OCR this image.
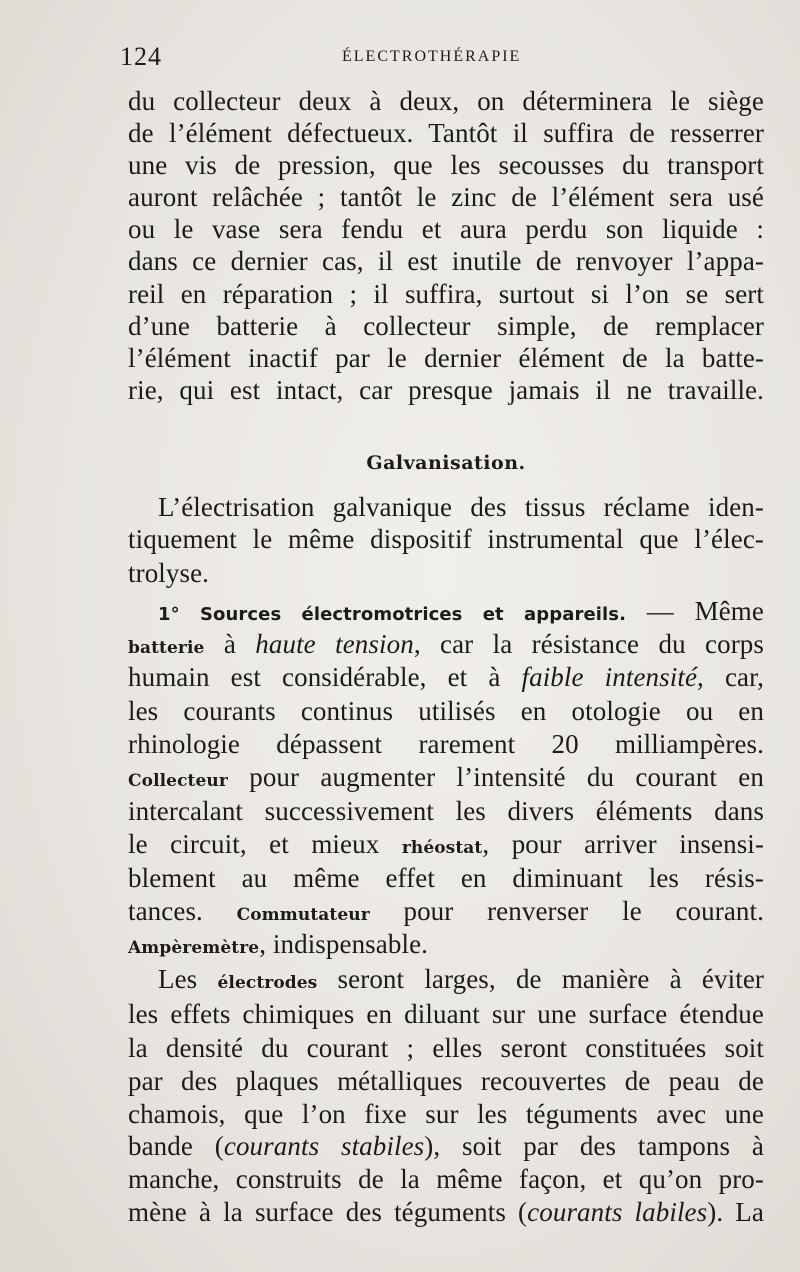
124	ÉLECTROTHÉRAPIE
du collecteur deux à deux, on déterminera le siège
de l’élément défectueux. Tantôt il suffira de resserrer
une vis de pression, que les secousses du transport
auront relâchée ; tantôt le zinc de l’élément sera usé
ou le vase sera fendu et aura perdu son liquide :
dans ce dernier cas, il est inutile de renvoyer l’appa-
reil en réparation ; il suffira, surtout si l’on se sert
d’une batterie à collecteur simple, de remplacer
l’élément inactif par le dernier élément de la batte-
rie, qui est intact, car presque jamais il ne travaille.
Galvanisation.
L’électrisation galvanique des tissus réclame iden-
tiquement le même dispositif instrumental que l’élec-
trolyse.
1° Sources électromotrices et appareils. — Même
batterie à haute tension, car la résistance du corps
humain est considérable, et à faible intensité, car,
les courants continus utilisés en otologie ou en
rhinologie dépassent rarement 20 milliampères.
Collecteur pour augmenter l’intensité du courant en
intercalant successivement les divers éléments dans
le circuit, et mieux rhéostat, pour arriver insensi-
blement au même effet en diminuant les résis-
tances. Commutateur pour renverser le courant.
Ampèremètre, indispensable.
Les électrodes seront larges, de manière à éviter
les effets chimiques en diluant sur une surface étendue
la densité du courant ; elles seront constituées soit
par des plaques métalliques recouvertes de peau de
chamois, que l’on fixe sur les téguments avec une
bande (courants stabiles), soit par des tampons à
manche, construits de la même façon, et qu’on pro-
mène à la surface des téguments (courants labiles). La
